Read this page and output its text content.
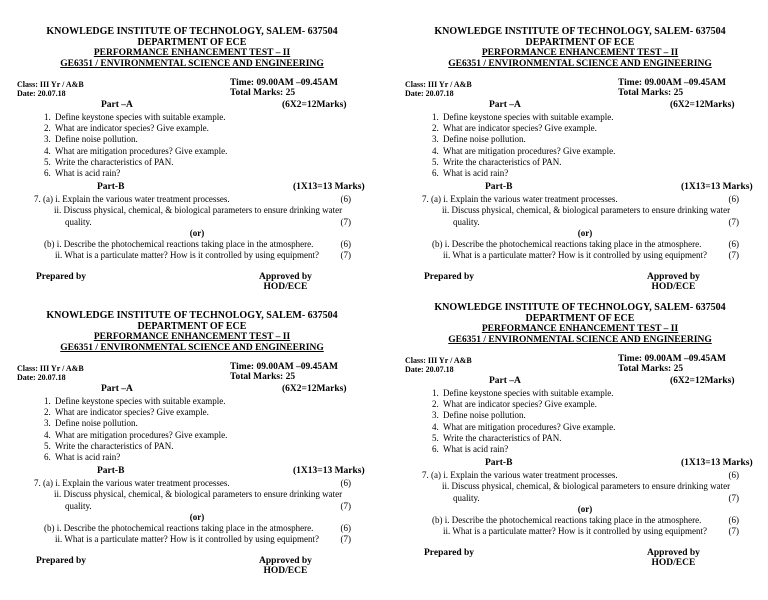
KNOWLEDGE INSTITUTE OF TECHNOLOGY, SALEM- 637504
DEPARTMENT OF ECE
PERFORMANCE ENHANCEMENT TEST – II
GE6351 / ENVIRONMENTAL SCIENCE AND ENGINEERING
Class: III Yr / A&B
Date: 20.07.18
Time: 09.00AM –09.45AM
Total Marks: 25
Part –A	(6X2=12Marks)
1. Define keystone species with suitable example.
2. What are indicator species? Give example.
3. Define noise pollution.
4. What are mitigation procedures? Give example.
5. Write the characteristics of PAN.
6. What is acid rain?
Part-B	(1X13=13 Marks)
7. (a) i. Explain the various water treatment processes.	(6)
ii. Discuss physical, chemical, & biological parameters to ensure drinking water
quality.	(7)
(or)
(b) i. Describe the photochemical reactions taking place in the atmosphere.	(6)
ii. What is a particulate matter? How is it controlled by using equipment? (7)
Prepared by	Approved by
HOD/ECE
KNOWLEDGE INSTITUTE OF TECHNOLOGY, SALEM- 637504
DEPARTMENT OF ECE
PERFORMANCE ENHANCEMENT TEST – II
GE6351 / ENVIRONMENTAL SCIENCE AND ENGINEERING
Class: III Yr / A&B
Date: 20.07.18
Time: 09.00AM –09.45AM
Total Marks: 25
Part –A	(6X2=12Marks)
1. Define keystone species with suitable example.
2. What are indicator species? Give example.
3. Define noise pollution.
4. What are mitigation procedures? Give example.
5. Write the characteristics of PAN.
6. What is acid rain?
Part-B	(1X13=13 Marks)
7. (a) i. Explain the various water treatment processes.	(6)
ii. Discuss physical, chemical, & biological parameters to ensure drinking water
quality.	(7)
(or)
(b) i. Describe the photochemical reactions taking place in the atmosphere.	(6)
ii. What is a particulate matter? How is it controlled by using equipment? (7)
Prepared by	Approved by
HOD/ECE
KNOWLEDGE INSTITUTE OF TECHNOLOGY, SALEM- 637504
DEPARTMENT OF ECE
PERFORMANCE ENHANCEMENT TEST – II
GE6351 / ENVIRONMENTAL SCIENCE AND ENGINEERING
Class: III Yr / A&B
Date: 20.07.18
Time: 09.00AM –09.45AM
Total Marks: 25
Part –A	(6X2=12Marks)
1. Define keystone species with suitable example.
2. What are indicator species? Give example.
3. Define noise pollution.
4. What are mitigation procedures? Give example.
5. Write the characteristics of PAN.
6. What is acid rain?
Part-B	(1X13=13 Marks)
7. (a) i. Explain the various water treatment processes.	(6)
ii. Discuss physical, chemical, & biological parameters to ensure drinking water
quality.	(7)
(or)
(b) i. Describe the photochemical reactions taking place in the atmosphere.	(6)
ii. What is a particulate matter? How is it controlled by using equipment? (7)
Prepared by	Approved by
HOD/ECE
KNOWLEDGE INSTITUTE OF TECHNOLOGY, SALEM- 637504
DEPARTMENT OF ECE
PERFORMANCE ENHANCEMENT TEST – II
GE6351 / ENVIRONMENTAL SCIENCE AND ENGINEERING
Class: III Yr / A&B
Date: 20.07.18
Time: 09.00AM –09.45AM
Total Marks: 25
Part –A	(6X2=12Marks)
1. Define keystone species with suitable example.
2. What are indicator species? Give example.
3. Define noise pollution.
4. What are mitigation procedures? Give example.
5. Write the characteristics of PAN.
6. What is acid rain?
Part-B	(1X13=13 Marks)
7. (a) i. Explain the various water treatment processes.	(6)
ii. Discuss physical, chemical, & biological parameters to ensure drinking water
quality.	(7)
(or)
(b) i. Describe the photochemical reactions taking place in the atmosphere.	(6)
ii. What is a particulate matter? How is it controlled by using equipment? (7)
Prepared by	Approved by
HOD/ECE
